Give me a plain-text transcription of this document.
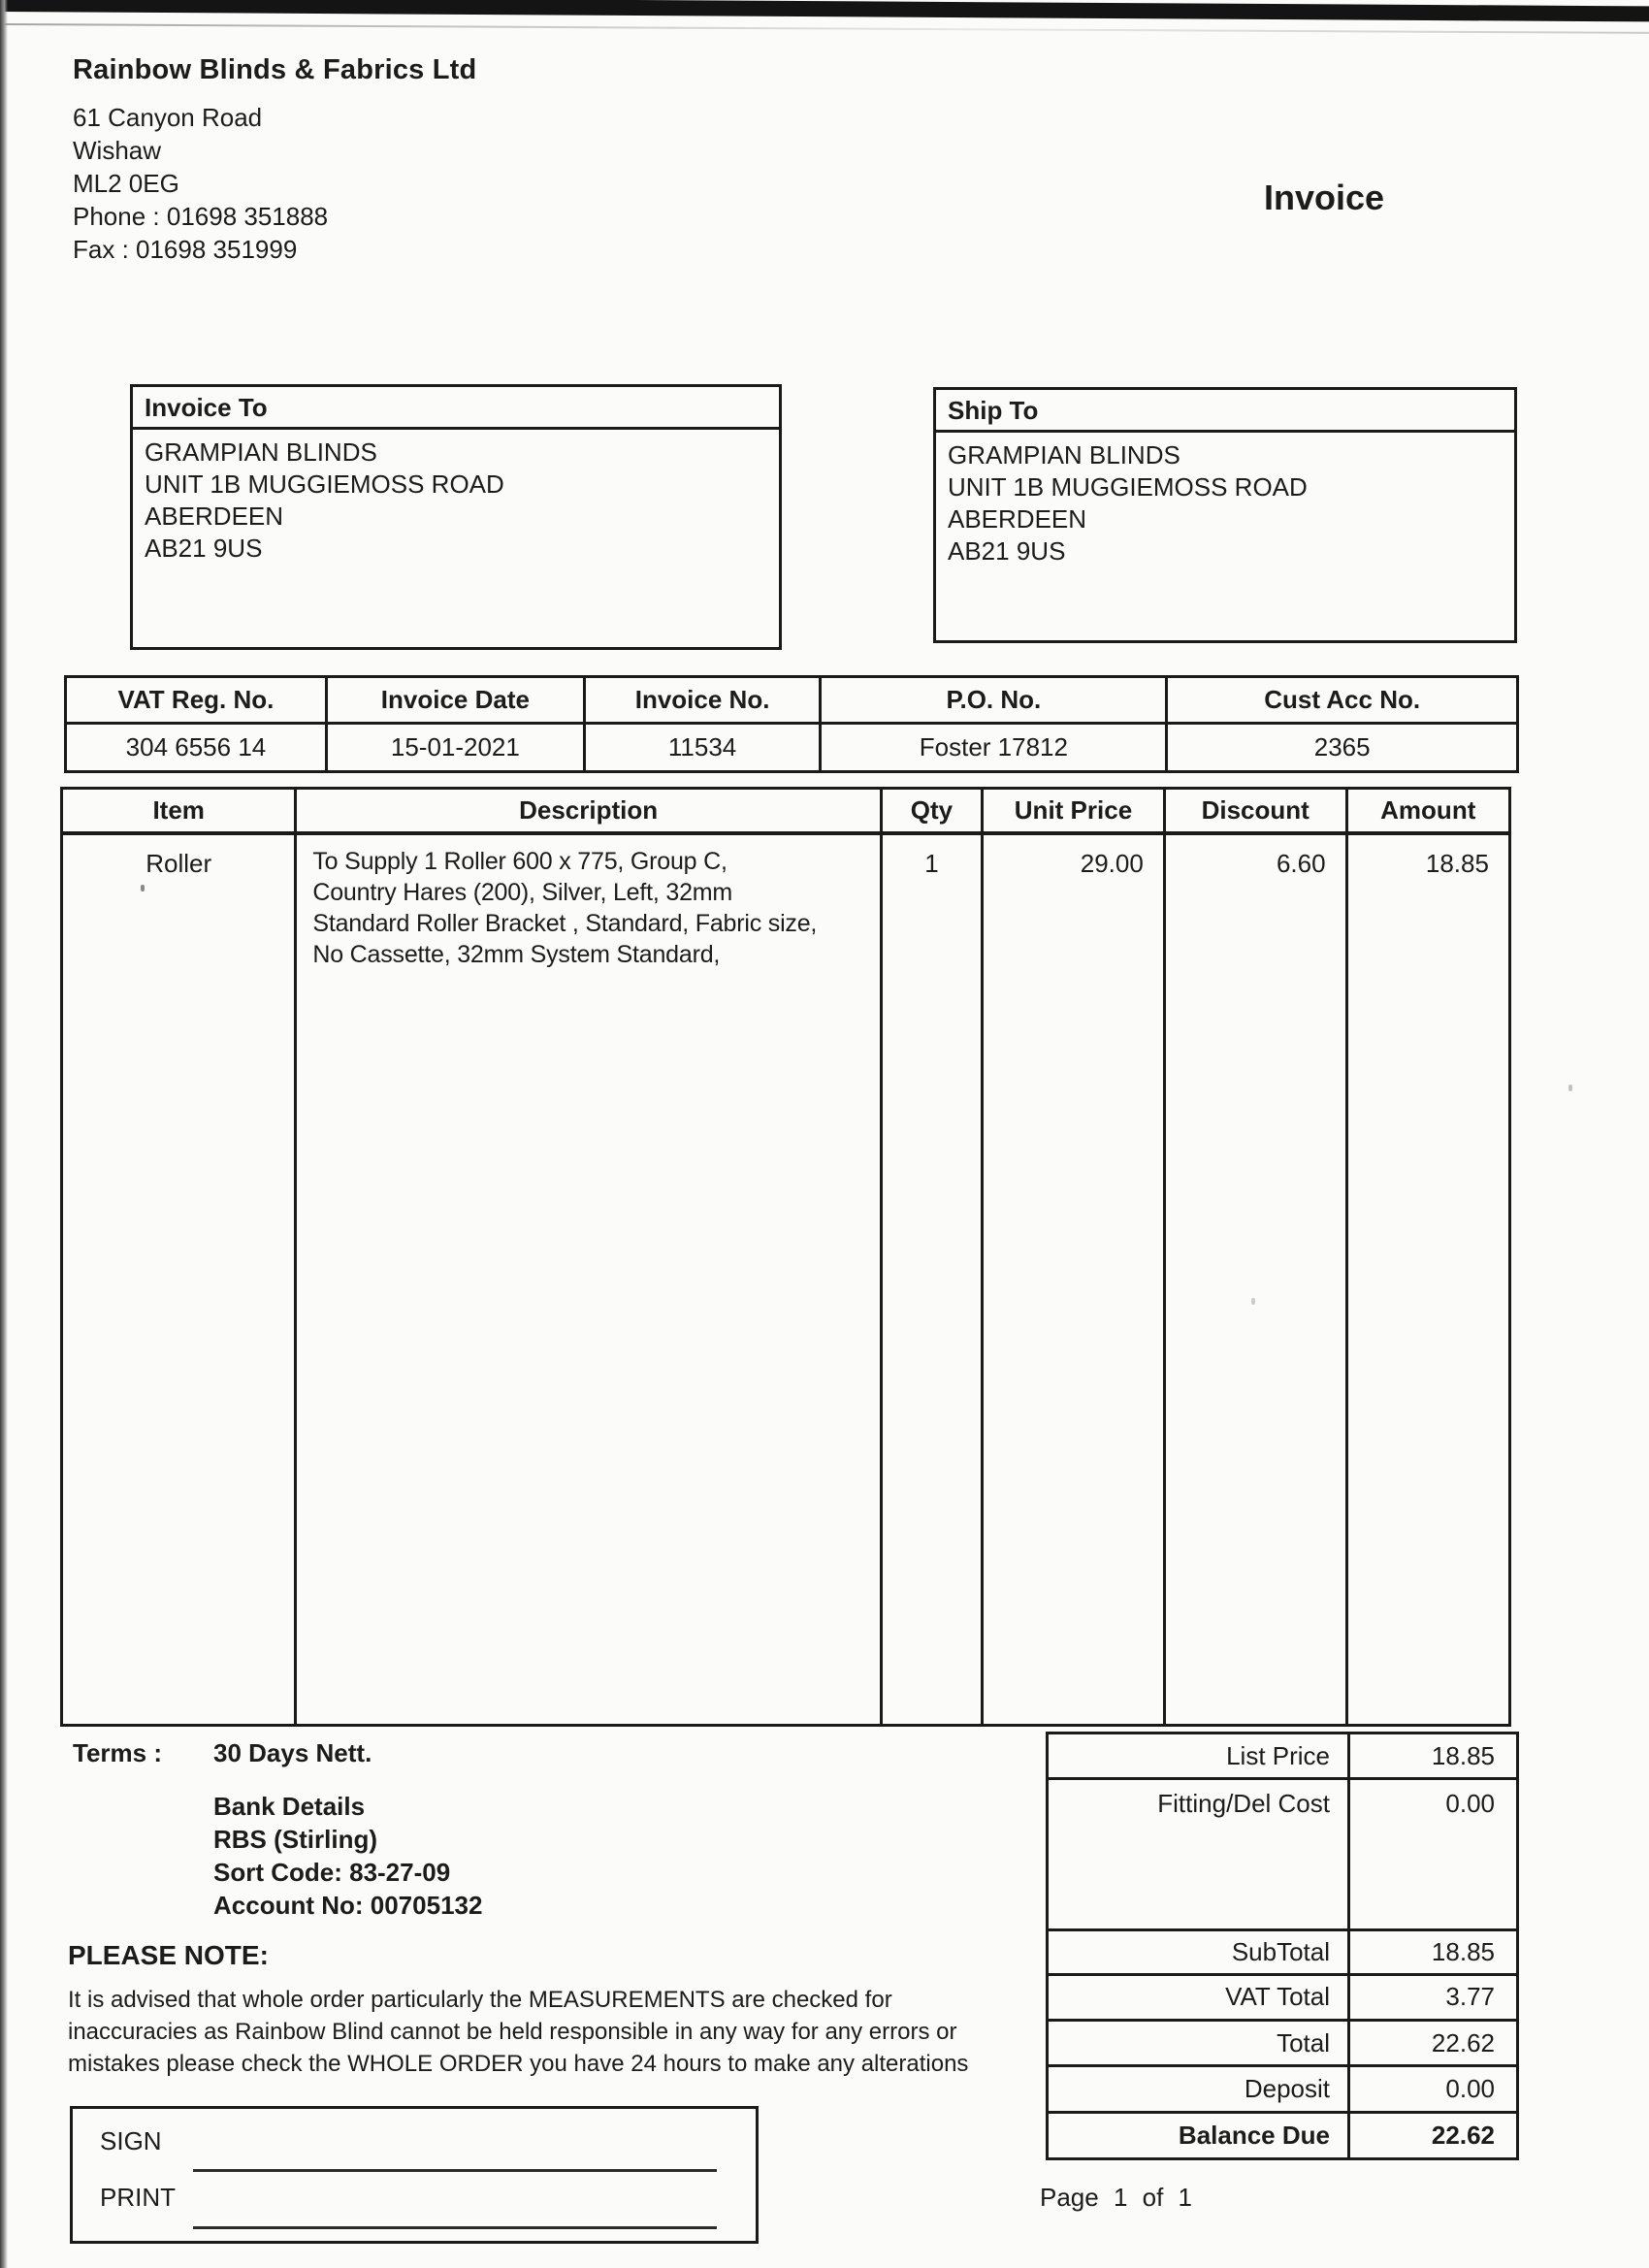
Rainbow Blinds & Fabrics Ltd
61 Canyon Road
Wishaw
ML2 0EG
Phone : 01698 351888
Fax : 01698 351999
Invoice
Invoice To
GRAMPIAN BLINDS
UNIT 1B MUGGIEMOSS ROAD
ABERDEEN
AB21 9US
Ship To
GRAMPIAN BLINDS
UNIT 1B MUGGIEMOSS ROAD
ABERDEEN
AB21 9US
VAT Reg. No.	Invoice Date	Invoice No.	P.O. No.	Cust Acc No.
304 6556 14	15-01-2021	11534	Foster 17812	2365
Item	Description	Qty	Unit Price	Discount	Amount
Roller	To Supply 1 Roller 600 x 775, Group C,
Country Hares (200), Silver, Left, 32mm
Standard Roller Bracket , Standard, Fabric size,
No Cassette, 32mm System Standard,
1	29.00	6.60	18.85
Terms : 30 Days Nett.
Bank Details
RBS (Stirling)
Sort Code: 83-27-09
Account No: 00705132
PLEASE NOTE:
It is advised that whole order particularly the MEASUREMENTS are checked for
inaccuracies as Rainbow Blind cannot be held responsible in any way for any errors or
mistakes please check the WHOLE ORDER you have 24 hours to make any alterations
List Price	18.85
Fitting/Del Cost	0.00
SubTotal	18.85
VAT Total	3.77
Total	22.62
Deposit	0.00
Balance Due	22.62
SIGN
PRINT	Page 1 of 1
